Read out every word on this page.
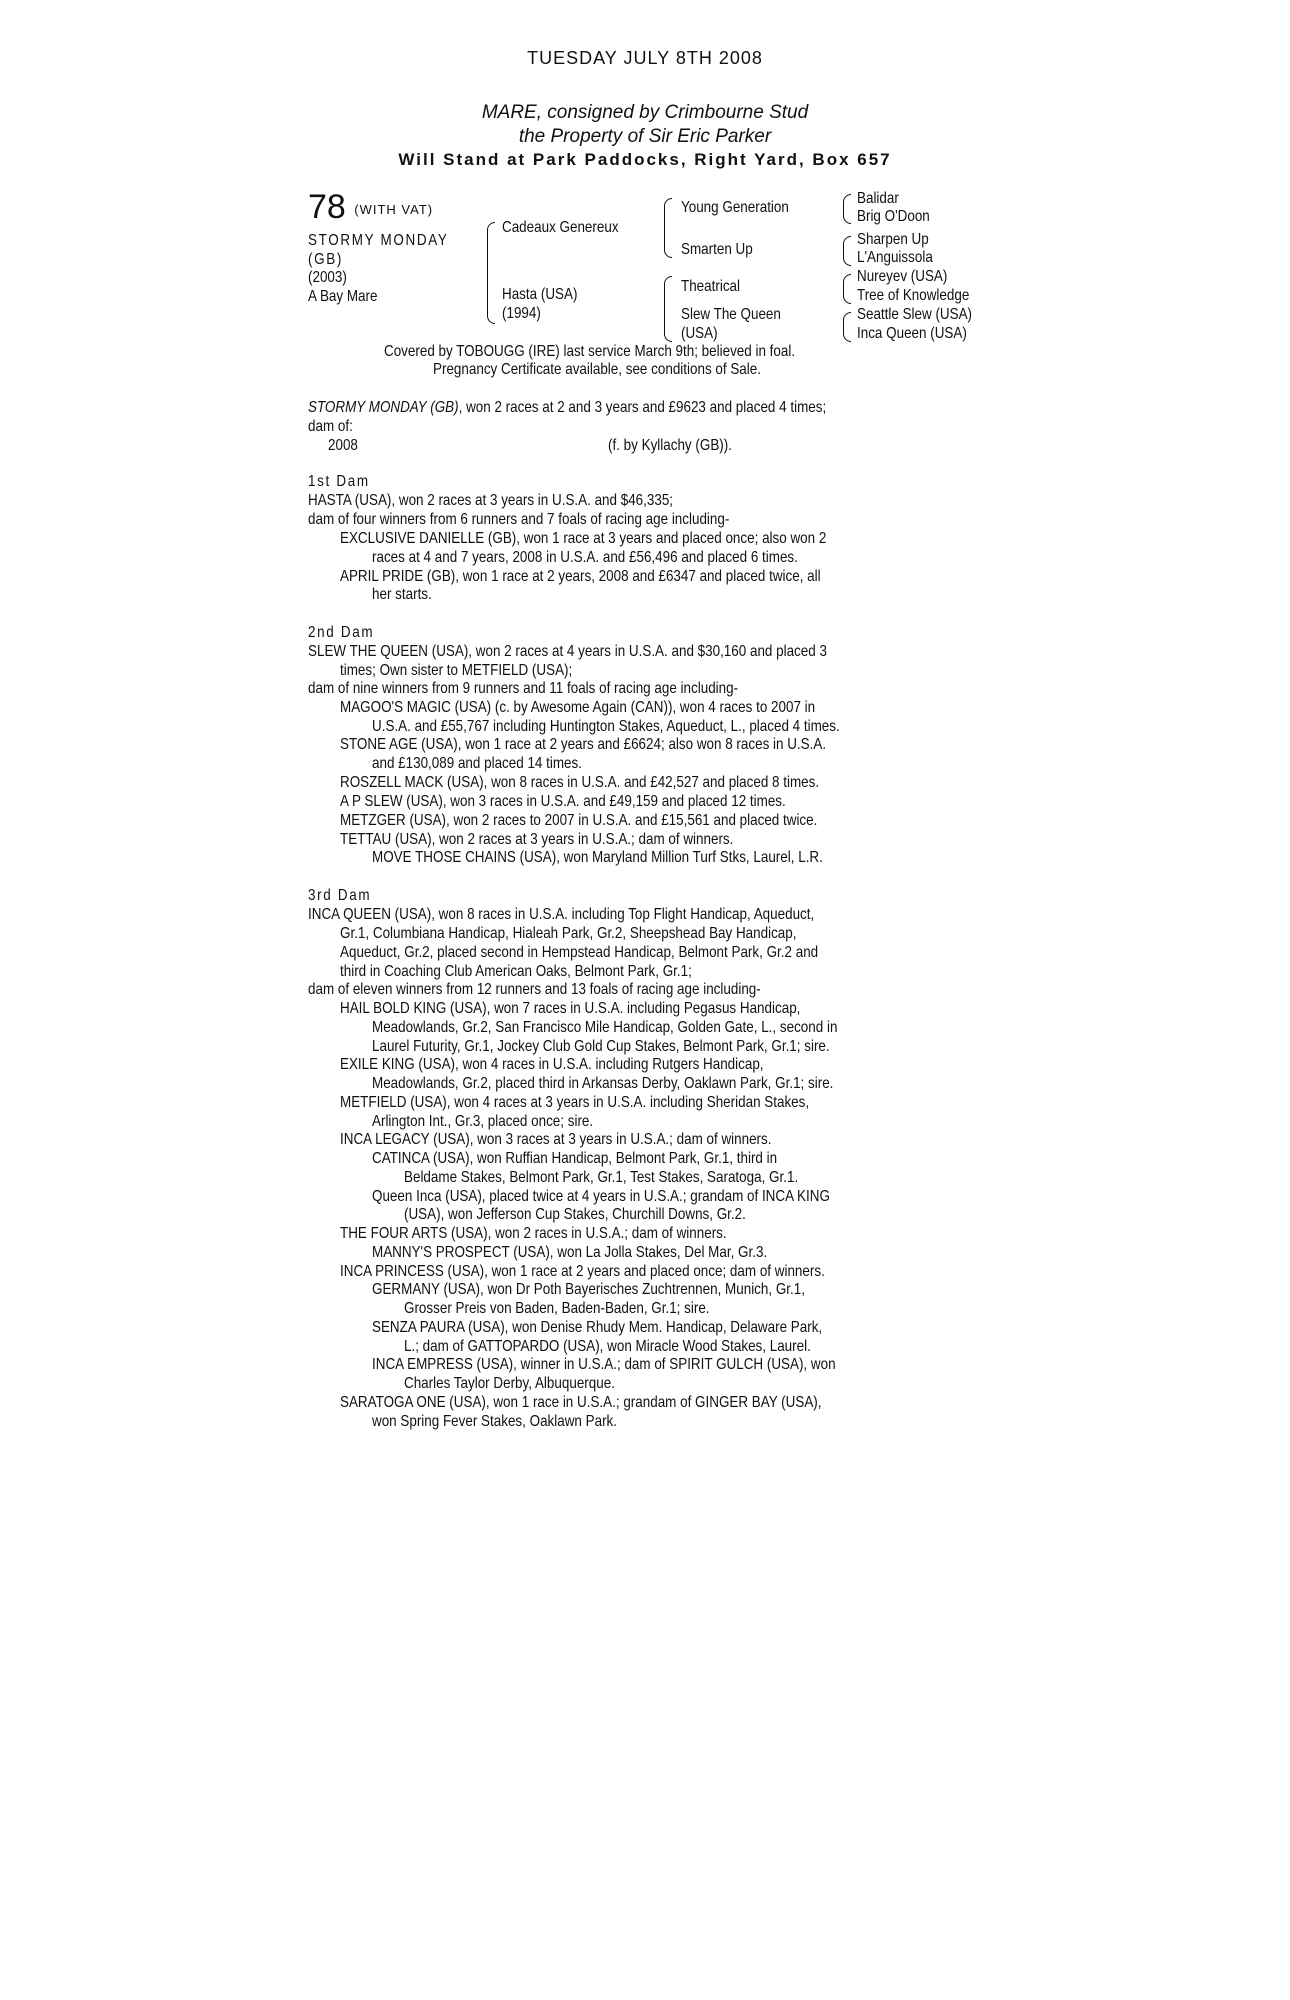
TUESDAY JULY 8TH 2008
MARE, consigned by Crimbourne Stud
the Property of Sir Eric Parker
Will Stand at Park Paddocks, Right Yard, Box 657
78 $^{(WITH VAT)}$
STORMY MONDAY
(GB)
(2003)
A Bay Mare
Cadeaux Genereux
Hasta (USA)
(1994)
Young Generation
Smarten Up
Theatrical
Slew The Queen
(USA)
Balidar
Brig O'Doon
Sharpen Up
L'Anguissola
Nureyev (USA)
Tree of Knowledge
Seattle Slew (USA)
Inca Queen (USA)
Covered by TOBOUGG (IRE) last service March 9th; believed in foal.
Pregnancy Certificate available, see conditions of Sale.
STORMY MONDAY (GB), won 2 races at 2 and 3 years and £9623 and placed 4 times;
dam of:
2008	(f. by Kyllachy (GB)).
1st Dam
HASTA (USA), won 2 races at 3 years in U.S.A. and $46,335;
dam of four winners from 6 runners and 7 foals of racing age including-
EXCLUSIVE DANIELLE (GB), won 1 race at 3 years and placed once; also won 2
races at 4 and 7 years, 2008 in U.S.A. and £56,496 and placed 6 times.
APRIL PRIDE (GB), won 1 race at 2 years, 2008 and £6347 and placed twice, all
her starts.
2nd Dam
SLEW THE QUEEN (USA), won 2 races at 4 years in U.S.A. and $30,160 and placed 3
times; Own sister to METFIELD (USA);
dam of nine winners from 9 runners and 11 foals of racing age including-
MAGOO'S MAGIC (USA) (c. by Awesome Again (CAN)), won 4 races to 2007 in
U.S.A. and £55,767 including Huntington Stakes, Aqueduct, L., placed 4 times.
STONE AGE (USA), won 1 race at 2 years and £6624; also won 8 races in U.S.A.
and £130,089 and placed 14 times.
ROSZELL MACK (USA), won 8 races in U.S.A. and £42,527 and placed 8 times.
A P SLEW (USA), won 3 races in U.S.A. and £49,159 and placed 12 times.
METZGER (USA), won 2 races to 2007 in U.S.A. and £15,561 and placed twice.
TETTAU (USA), won 2 races at 3 years in U.S.A.; dam of winners.
MOVE THOSE CHAINS (USA), won Maryland Million Turf Stks, Laurel, L.R.
3rd Dam
INCA QUEEN (USA), won 8 races in U.S.A. including Top Flight Handicap, Aqueduct,
Gr.1, Columbiana Handicap, Hialeah Park, Gr.2, Sheepshead Bay Handicap,
Aqueduct, Gr.2, placed second in Hempstead Handicap, Belmont Park, Gr.2 and
third in Coaching Club American Oaks, Belmont Park, Gr.1;
dam of eleven winners from 12 runners and 13 foals of racing age including-
HAIL BOLD KING (USA), won 7 races in U.S.A. including Pegasus Handicap,
Meadowlands, Gr.2, San Francisco Mile Handicap, Golden Gate, L., second in
Laurel Futurity, Gr.1, Jockey Club Gold Cup Stakes, Belmont Park, Gr.1; sire.
EXILE KING (USA), won 4 races in U.S.A. including Rutgers Handicap,
Meadowlands, Gr.2, placed third in Arkansas Derby, Oaklawn Park, Gr.1; sire.
METFIELD (USA), won 4 races at 3 years in U.S.A. including Sheridan Stakes,
Arlington Int., Gr.3, placed once; sire.
INCA LEGACY (USA), won 3 races at 3 years in U.S.A.; dam of winners.
CATINCA (USA), won Ruffian Handicap, Belmont Park, Gr.1, third in
Beldame Stakes, Belmont Park, Gr.1, Test Stakes, Saratoga, Gr.1.
Queen Inca (USA), placed twice at 4 years in U.S.A.; grandam of INCA KING
(USA), won Jefferson Cup Stakes, Churchill Downs, Gr.2.
THE FOUR ARTS (USA), won 2 races in U.S.A.; dam of winners.
MANNY'S PROSPECT (USA), won La Jolla Stakes, Del Mar, Gr.3.
INCA PRINCESS (USA), won 1 race at 2 years and placed once; dam of winners.
GERMANY (USA), won Dr Poth Bayerisches Zuchtrennen, Munich, Gr.1,
Grosser Preis von Baden, Baden-Baden, Gr.1; sire.
SENZA PAURA (USA), won Denise Rhudy Mem. Handicap, Delaware Park,
L.; dam of GATTOPARDO (USA), won Miracle Wood Stakes, Laurel.
INCA EMPRESS (USA), winner in U.S.A.; dam of SPIRIT GULCH (USA), won
Charles Taylor Derby, Albuquerque.
SARATOGA ONE (USA), won 1 race in U.S.A.; grandam of GINGER BAY (USA),
won Spring Fever Stakes, Oaklawn Park.
